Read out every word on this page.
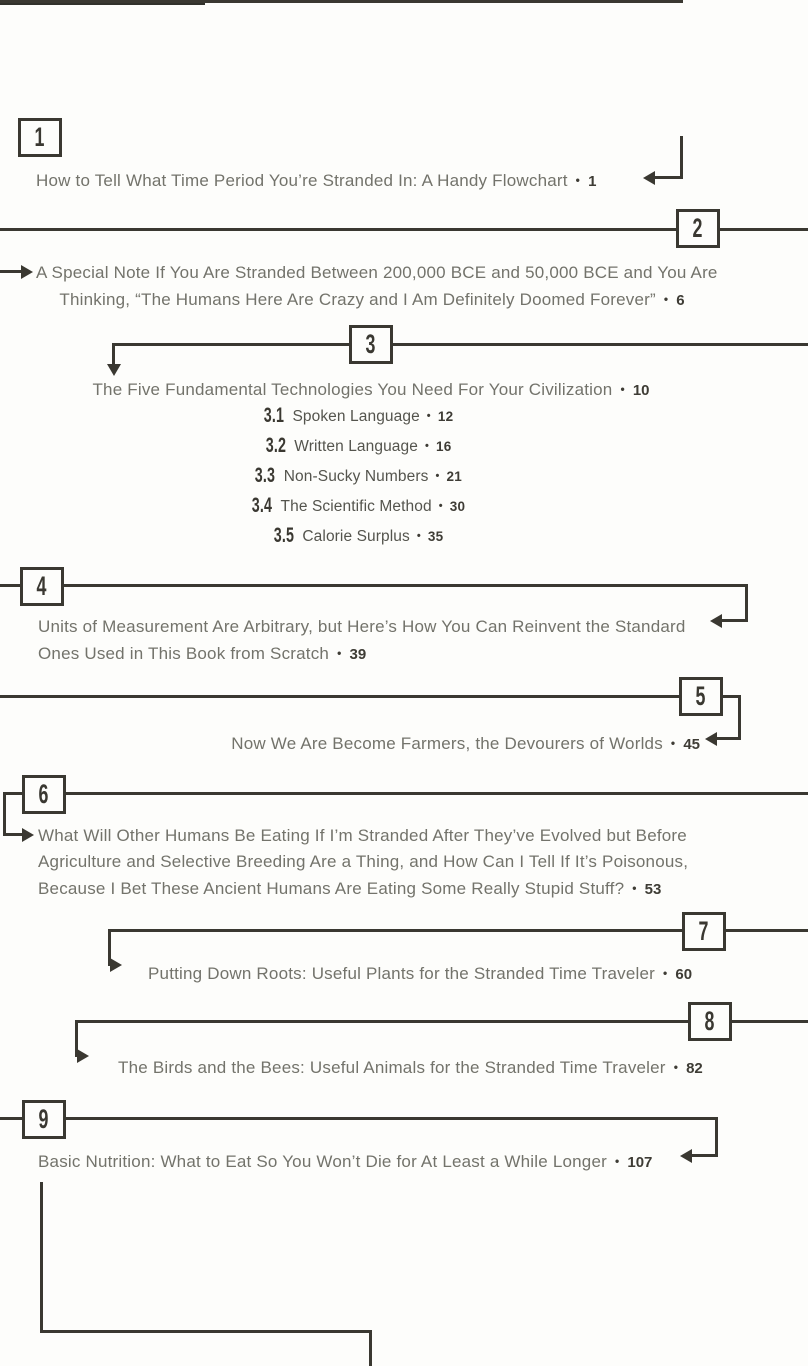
1
How to Tell What Time Period You’re Stranded In: A Handy Flowchart • 1
2
A Special Note If You Are Stranded Between 200,000 BCE and 50,000 BCE and You Are
Thinking, “The Humans Here Are Crazy and I Am Definitely Doomed Forever” • 6
3
The Five Fundamental Technologies You Need For Your Civilization • 10
3.1 Spoken Language • 12
3.2 Written Language • 16
3.3 Non-Sucky Numbers • 21
3.4 The Scientific Method • 30
3.5 Calorie Surplus • 35
4
Units of Measurement Are Arbitrary, but Here’s How You Can Reinvent the Standard
Ones Used in This Book from Scratch • 39
5
Now We Are Become Farmers, the Devourers of Worlds • 45
6
What Will Other Humans Be Eating If I’m Stranded After They’ve Evolved but Before
Agriculture and Selective Breeding Are a Thing, and How Can I Tell If It’s Poisonous,
Because I Bet These Ancient Humans Are Eating Some Really Stupid Stuff? • 53
7
Putting Down Roots: Useful Plants for the Stranded Time Traveler • 60
8
The Birds and the Bees: Useful Animals for the Stranded Time Traveler • 82
9
Basic Nutrition: What to Eat So You Won’t Die for At Least a While Longer • 107
